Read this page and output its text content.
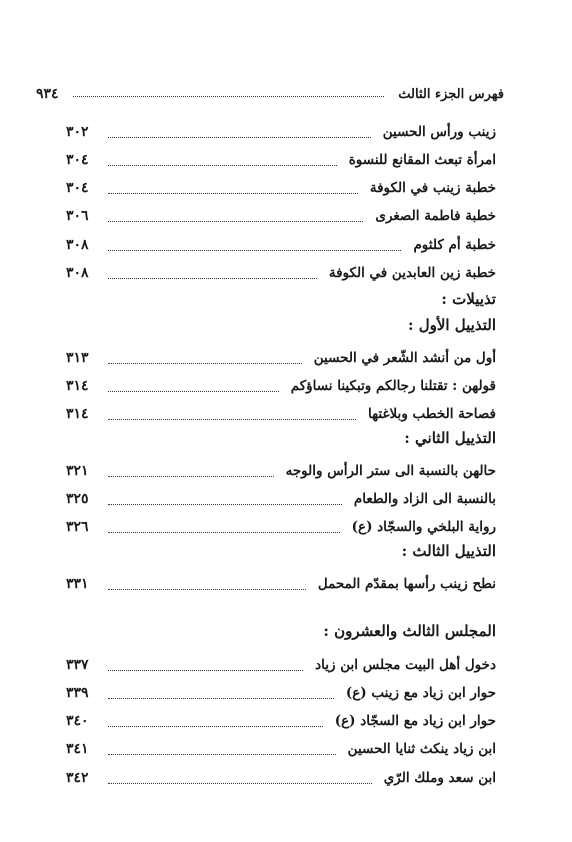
فهرس الجزء الثالث
٩٣٤
زينب ورأس الحسين
٣٠٢
امرأة تبعث المقانع للنسوة
٣٠٤
خطبة زينب في الكوفة
٣٠٤
خطبة فاطمة الصغرى
٣٠٦
خطبة أم كلثوم
٣٠٨
خطبة زين العابدين في الكوفة
٣٠٨
تذييلات :
التذييل الأول :
أول من أنشد الشّعر في الحسين
٣١٣
قولهن : تقتلنا رجالكم وتبكينا نساؤكم
٣١٤
فصاحة الخطب وبلاغتها
٣١٤
التذييل الثاني :
حالهن بالنسبة الى ستر الرأس والوجه
٣٢١
بالنسبة الى الزاد والطعام
٣٢٥
رواية البلخي والسجّاد (ع)
٣٢٦
التذييل الثالث :
نطح زينب رأسها بمقدّم المحمل
٣٣١
المجلس الثالث والعشرون :
دخول أهل البيت مجلس ابن زياد
٣٣٧
حوار ابن زياد مع زينب (ع)
٣٣٩
حوار ابن زياد مع السجّاد (ع)
٣٤٠
ابن زياد ينكث ثنايا الحسين
٣٤١
ابن سعد وملك الرّي
٣٤٢
